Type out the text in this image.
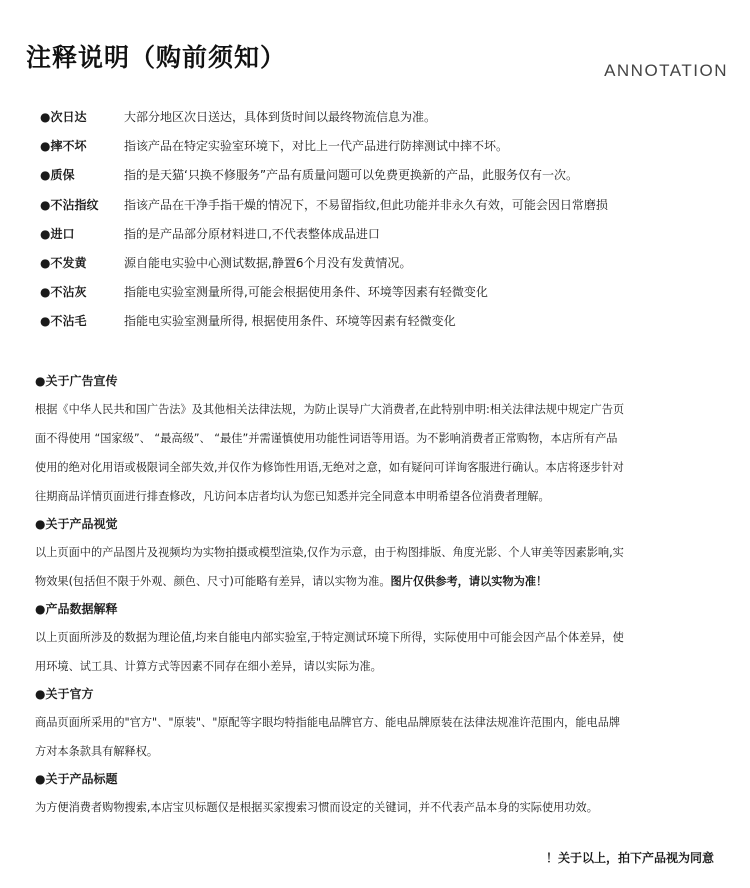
注释说明（购前须知）	ANNOTATION
●次日达	大部分地区次日送达，具体到货时间以最终物流信息为准。
●摔不坏	指该产品在特定实验室环境下，对比上一代产品进行防摔测试中摔不坏。
●质保	指的是天猫‘只换不修服务”产品有质量问题可以免费更换新的产品，此服务仅有一次。
●不沾指纹	指该产品在干净手指干燥的情况下，不易留指纹,但此功能并非永久有效，可能会因日常磨损
●进口	指的是产品部分原材料进口,不代表整体成品进口
●不发黄	源自能电实验中心测试数据,静置6个月没有发黄情况。
●不沾灰	指能电实验室测量所得,可能会根据使用条件、环境等因素有轻微变化
●不沾毛	指能电实验室测量所得, 根据使用条件、环境等因素有轻微变化
●关于广告宣传
根据《中华人民共和国广告法》及其他相关法律法规，为防止误导广大消费者,在此特别申明:相关法律法规中规定广告页
面不得使用 “国家级”、 “最高级”、 “最佳”并需谨慎使用功能性词语等用语。为不影响消费者正常购物，本店所有产品
使用的绝对化用语或极限词全部失效,并仅作为修饰性用语,无绝对之意，如有疑问可详询客服进行确认。本店将逐步针对
往期商品详情页面进行排查修改，凡访问本店者均认为您已知悉并完全同意本申明希望各位消费者理解。
●关于产品视觉
以上页面中的产品图片及视频均为实物拍摄或模型渲染,仅作为示意，由于构图排版、角度光影、个人审美等因素影响,实
物效果(包括但不限于外观、颜色、尺寸)可能略有差异，请以实物为准。图片仅供参考，请以实物为准！
●产品数据解释
以上页面所涉及的数据为理论值,均来自能电内部实验室,于特定测试环境下所得，实际使用中可能会因产品个体差异，使
用环境、试工具、计算方式等因素不同存在细小差异，请以实际为准。
●关于官方
商品页面所采用的"官方"、"原装"、"原配等字眼均特指能电品牌官方、能电品牌原装在法律法规准许范围内，能电品牌
方对本条款具有解释权。
●关于产品标题
为方便消费者购物搜索,本店宝贝标题仅是根据买家搜索习惯而设定的关键词，并不代表产品本身的实际使用功效。
！关于以上，拍下产品视为同意
